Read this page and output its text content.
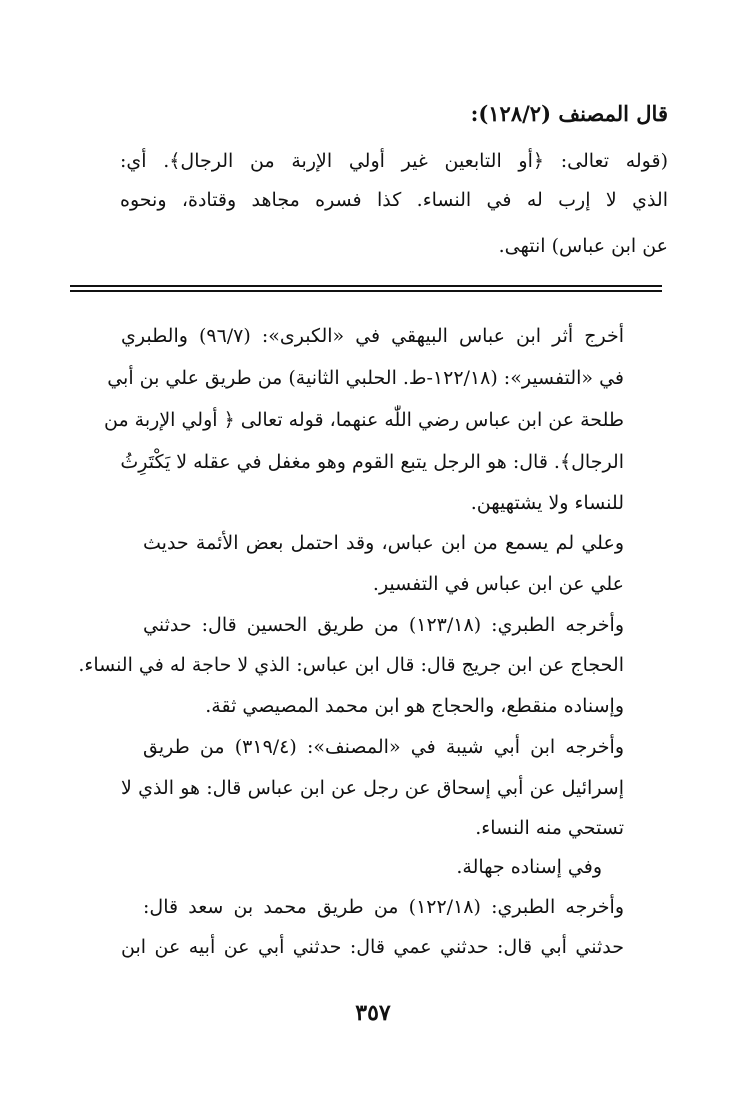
قال المصنف (١٢٨/٢):
(قوله تعالى: ﴿أو التابعين غير أولي الإربة من الرجال﴾. أي:
الذي لا إرب له في النساء. كذا فسره مجاهد وقتادة، ونحوه
عن ابن عباس) انتهى.
أخرج أثر ابن عباس البيهقي في «الكبرى»: (٩٦/٧) والطبري
في «التفسير»: (١٢٢/١٨-ط. الحلبي الثانية) من طريق علي بن أبي
طلحة عن ابن عباس رضي اللّٰه عنهما، قوله تعالى ﴿ أولي الإربة من
الرجال﴾. قال: هو الرجل يتبع القوم وهو مغفل في عقله لا يَكْتَرِثُ
للنساء ولا يشتهيهن.
وعلي لم يسمع من ابن عباس، وقد احتمل بعض الأئمة حديث
علي عن ابن عباس في التفسير.
وأخرجه الطبري: (١٢٣/١٨) من طريق الحسين قال: حدثني
الحجاج عن ابن جريج قال: قال ابن عباس: الذي لا حاجة له في النساء.
وإسناده منقطع، والحجاج هو ابن محمد المصيصي ثقة.
وأخرجه ابن أبي شيبة في «المصنف»: (٣١٩/٤) من طريق
إسرائيل عن أبي إسحاق عن رجل عن ابن عباس قال: هو الذي لا
تستحي منه النساء.
وفي إسناده جهالة.
وأخرجه الطبري: (١٢٢/١٨) من طريق محمد بن سعد قال:
حدثني أبي قال: حدثني عمي قال: حدثني أبي عن أبيه عن ابن
٣٥٧
